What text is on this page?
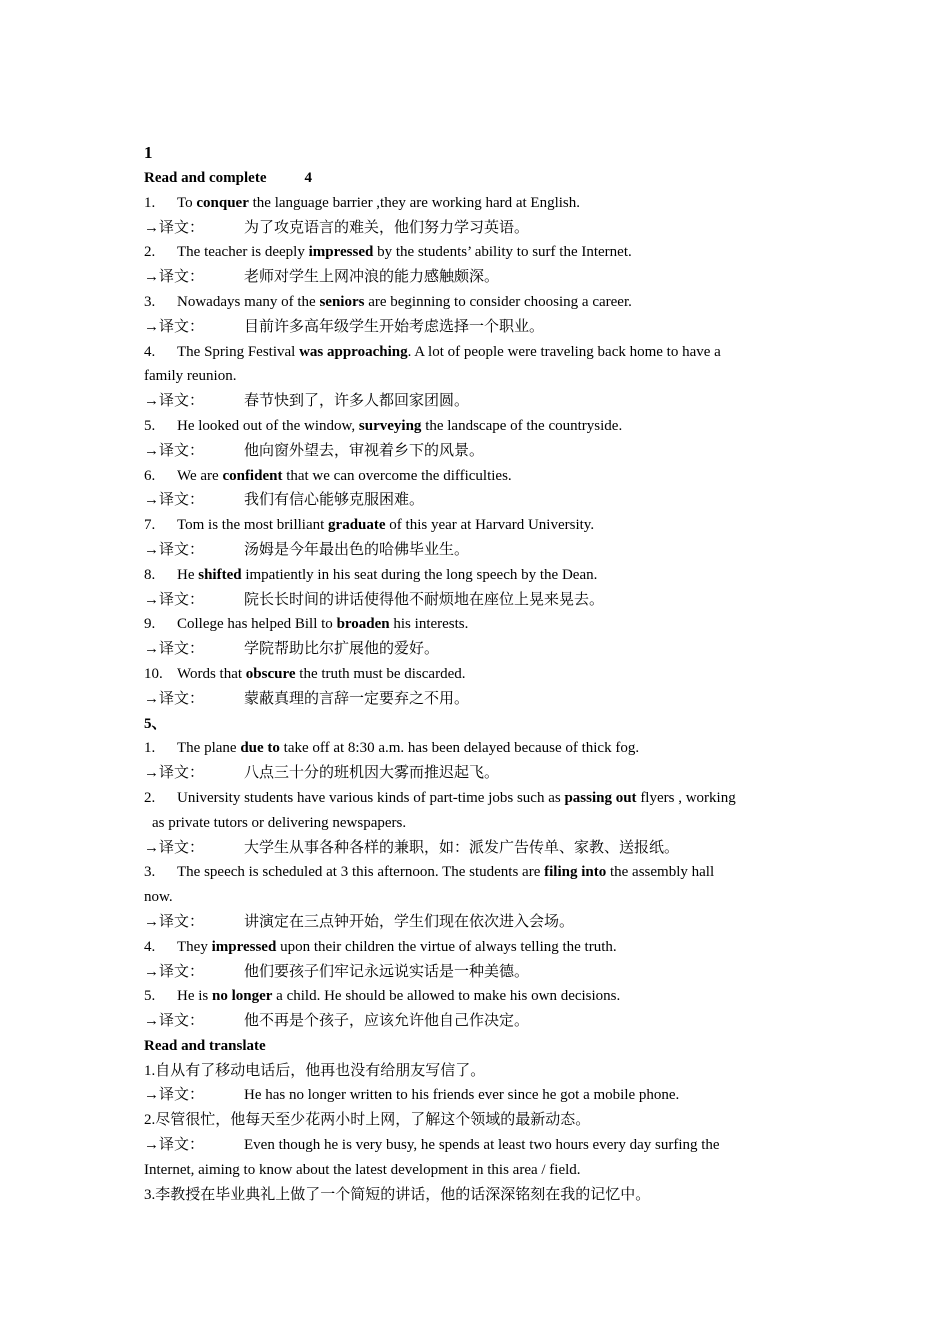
1
Read and complete	4
1. To conquer the language barrier ,they are working hard at English.
→译文：	为了攻克语言的难关，他们努力学习英语。
2. The teacher is deeply impressed by the students’ ability to surf the Internet.
→译文：	老师对学生上网冲浪的能力感触颇深。
3. Nowadays many of the seniors are beginning to consider choosing a career.
→译文：	目前许多高年级学生开始考虑选择一个职业。
4. The Spring Festival was approaching. A lot of people were traveling back home to have a
family reunion.
→译文：	春节快到了，许多人都回家团圆。
5. He looked out of the window, surveying the landscape of the countryside.
→译文：	他向窗外望去，审视着乡下的风景。
6. We are confident that we can overcome the difficulties.
→译文：	我们有信心能够克服困难。
7. Tom is the most brilliant graduate of this year at Harvard University.
→译文：	汤姆是今年最出色的哈佛毕业生。
8. He shifted impatiently in his seat during the long speech by the Dean.
→译文：	院长长时间的讲话使得他不耐烦地在座位上晃来晃去。
9. College has helped Bill to broaden his interests.
→译文：	学院帮助比尔扩展他的爱好。
10. Words that obscure the truth must be discarded.
→译文：	蒙蔽真理的言辞一定要弃之不用。
5、
1. The plane due to take off at 8:30 a.m. has been delayed because of thick fog.
→译文：	八点三十分的班机因大雾而推迟起飞。
2. University students have various kinds of part-time jobs such as passing out flyers , working
as private tutors or delivering newspapers.
→译文：	大学生从事各种各样的兼职，如：派发广告传单、家教、送报纸。
3. The speech is scheduled at 3 this afternoon. The students are filing into the assembly hall
now.
→译文：	讲演定在三点钟开始，学生们现在依次进入会场。
4. They impressed upon their children the virtue of always telling the truth.
→译文：	他们要孩子们牢记永远说实话是一种美德。
5. He is no longer a child. He should be allowed to make his own decisions.
→译文：	他不再是个孩子，应该允许他自己作决定。
Read and translate
1.自从有了移动电话后，他再也没有给朋友写信了。
→译文：	He has no longer written to his friends ever since he got a mobile phone.
2.尽管很忙，他每天至少花两小时上网，了解这个领域的最新动态。
→译文：	Even though he is very busy, he spends at least two hours every day surfing the
Internet, aiming to know about the latest development in this area / field.
3.李教授在毕业典礼上做了一个简短的讲话，他的话深深铭刻在我的记忆中。
